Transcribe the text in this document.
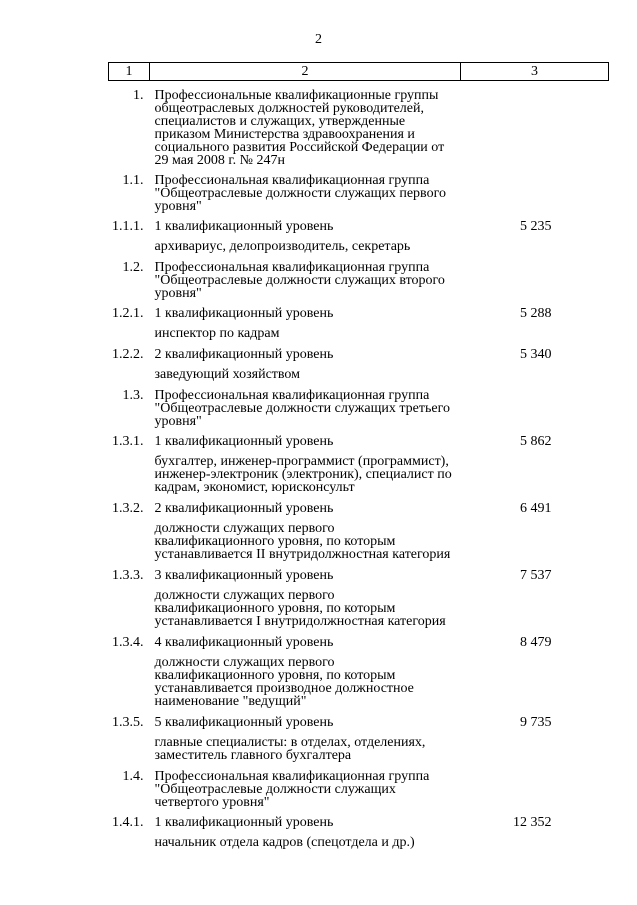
2
1	2	3
1.	Профессиональные квалификационные группы общеотраслевых должностей руководителей, специалистов и служащих, утвержденные приказом Министерства здравоохранения и социального развития Российской Федерации от 29 мая 2008 г. № 247н	
1.1.	Профессиональная квалификационная группа "Общеотраслевые должности служащих первого уровня"	
1.1.1.	1 квалификационный уровень	5 235
	архивариус, делопроизводитель, секретарь	
1.2.	Профессиональная квалификационная группа "Общеотраслевые должности служащих второго уровня"	
1.2.1.	1 квалификационный уровень	5 288
	инспектор по кадрам	
1.2.2.	2 квалификационный уровень	5 340
	заведующий хозяйством	
1.3.	Профессиональная квалификационная группа "Общеотраслевые должности служащих третьего уровня"	
1.3.1.	1 квалификационный уровень	5 862
	бухгалтер, инженер-программист (программист), инженер-электроник (электроник), специалист по кадрам, экономист, юрисконсульт	
1.3.2.	2 квалификационный уровень	6 491
	должности служащих первого квалификационного уровня, по которым устанавливается II внутридолжностная категория	
1.3.3.	3 квалификационный уровень	7 537
	должности служащих первого квалификационного уровня, по которым устанавливается I внутридолжностная категория	
1.3.4.	4 квалификационный уровень	8 479
	должности служащих первого квалификационного уровня, по которым устанавливается производное должностное наименование "ведущий"	
1.3.5.	5 квалификационный уровень	9 735
	главные специалисты: в отделах, отделениях, заместитель главного бухгалтера	
1.4.	Профессиональная квалификационная группа "Общеотраслевые должности служащих четвертого уровня"	
1.4.1.	1 квалификационный уровень	12 352
	начальник отдела кадров (спецотдела и др.)	
